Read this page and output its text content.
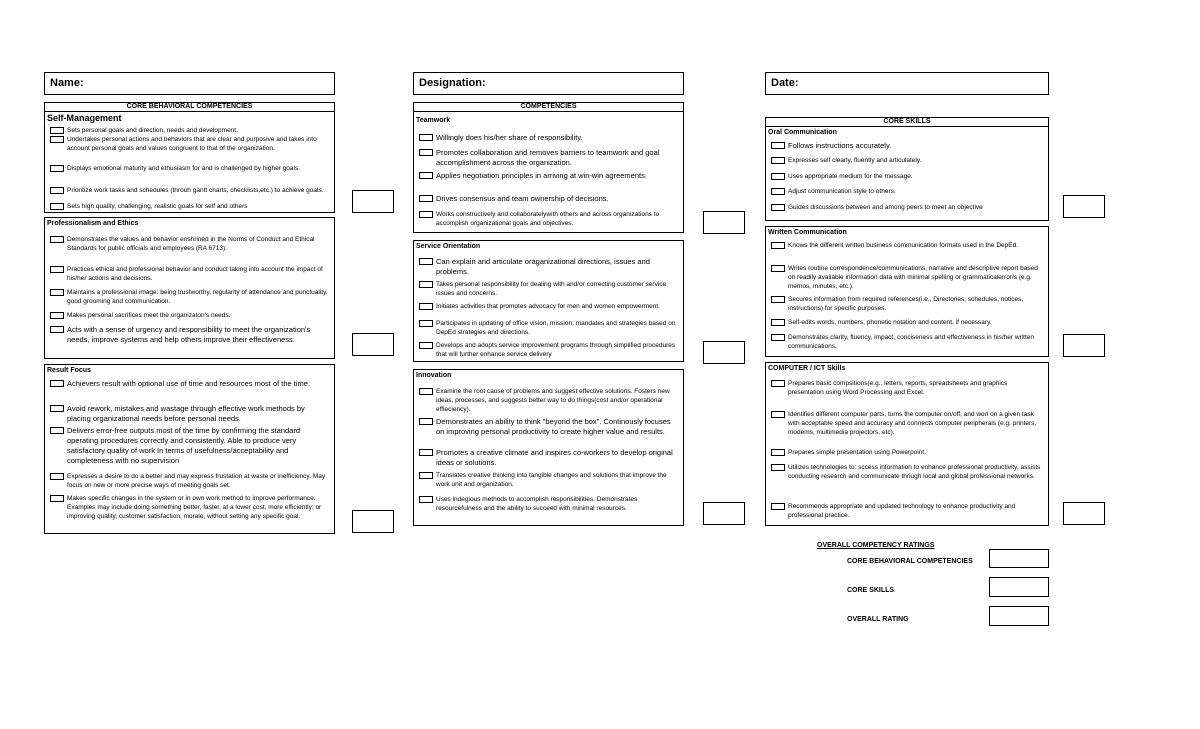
Name:	Designation:	Date:
CORE BEHAVIORAL COMPETENCIES
Self-Management
Sets personal goals and direction, needs and development.
Undertakes personal actions and behaviors that are clear and purposive and takes into account personal goals and values congruent to that of the organization.
Displays emotional maturity and ethusiasm for and is challenged by higher goals.
Prioritize work tasks and schedules (throuh gantt charts, checklists,etc.) to achieve goals.
Sets high quality, challenging, realistic goals for self and others
Professionalism and Ethics
Demonstrates the values and behavior enshrined in the Norms of Conduct and Ethical Standards for public officials and employees (RA 6713).
Practices ethical and professional behavior and conduct taking into account the impact of his/her actions and decisions.
Maintains a professional image: being trustworthy, regularity of attendance and punctuality, good grooming and communication.
Makes personal sacrifices meet the organizaton's needs.
Acts with a sense of urgency and responsibility to meet the organization's needs, improve systems and help others improve their effectiveness.
Result Focus
Achievers result with optional use of time and resources most of the time.
Avoid rework, mistakes and wastage through effective work methods by placing organizational needs before personal needs.
Delivers error-free outputs most of the time by confirming the standard operating procedures correctly and consistently. Able to produce very satisfactory quality of work In terms of usefulness/acceptability and completeness with no supervision
Expresses a desire to do a better and may express frustation at waste or inefficiency. May focus on new or more precise ways of meeting goals set.
Makes specific changes in the system or in own work method to improve performance. Examples may include doing something better, faster, at a lower cost, more efficiently; or improving quality, customer satisfaction, morale, without setting any specific goal.
COMPETENCIES
Teamwork
Willingly does his/her share of responsibility.
Promotes collaboration and removes barriers to teamwork and goal accomplishment across the organization.
Applies negotiation principles in arriving at win-win agreements.
Drives consensus and team ownership of decisions.
Works constructively and collaboratelywith others and across organizations to accomplish organizational goals and objectives.
Service Orientation
Can explain and articulate oraganizational directions, issues and problems.
Takes personal responsibility for dealing with and/or correcting customer service issues and concerns.
Initiates activities that promotes advocacy for men and women empowerment.
Participates in updating of office vision, mission, mandates and strategies based on DepEd strategies and directions.
Develops and adopts service improvement programs through simplified procedures that will further enhance service delivery
Innovation
Examine the root cause of problems and suggest effective solutions. Fosters new ideas, processes, and suggests better way to do things(cost and/or operational effieciency).
Demonstrates an ability to think "beyond the box". Continously focuses on improving personal productivity to create higher value and results.
Promotes a creative climate and inspires co-workers to develop original ideas or solutions.
Translates creative thinking into tangible changes and solutions that improve the work unit and organization.
Uses indegious methods to accomplish responsibilities. Demonstrates resourcefulness and the ability to succeed with minimal resources.
CORE SKILLS
Oral Communication
Follows instructions accurately.
Expresses self clearly, fluently and articulately.
Uses appropriate medium for the message.
Adjust communication style to others.
Guides discussions between and among peers to meet an objective
Written Communication
Knows the different written business communication formats used in the DepEd.
Writes routine correspondence/communications, narrative and descriptive report based on readily available information data with minimal spelling or grammaticalerror/s (e.g. memos, minutes, etc.).
Secures information from required references(i.e., Directories, schedules, notices, instructions) for specific purposes.
Self-edits words, numbers, phonetic notation and content, if necessary.
Demonstrates clarity, fluency, impact, conciseness and effectiveness in his/her written communications.
COMPUTER / ICT Skills
Prepares basic compsitions(e.g., letters, reports, spreadsheets and graphics presentation using Word Processing and Excel.
Identifies different computer parts, turns the computer on/off, and worl on a given task with acceptable speed and accuracy and connects computer peripherals (e.g. printers, modems, multimedia projectors, etc).
Prepares simple presentation using Powerpoint.
Utilizes technologies to: sccess information to enhance professional productivity, assists conducting research and communicate thriugh local and global professional networks.
Recommends appropriate and updated technology to enhance productivity and professional practice.
OVERALL COMPETENCY RATINGS
CORE BEHAVIORAL COMPETENCIES
CORE SKILLS
OVERALL RATING
